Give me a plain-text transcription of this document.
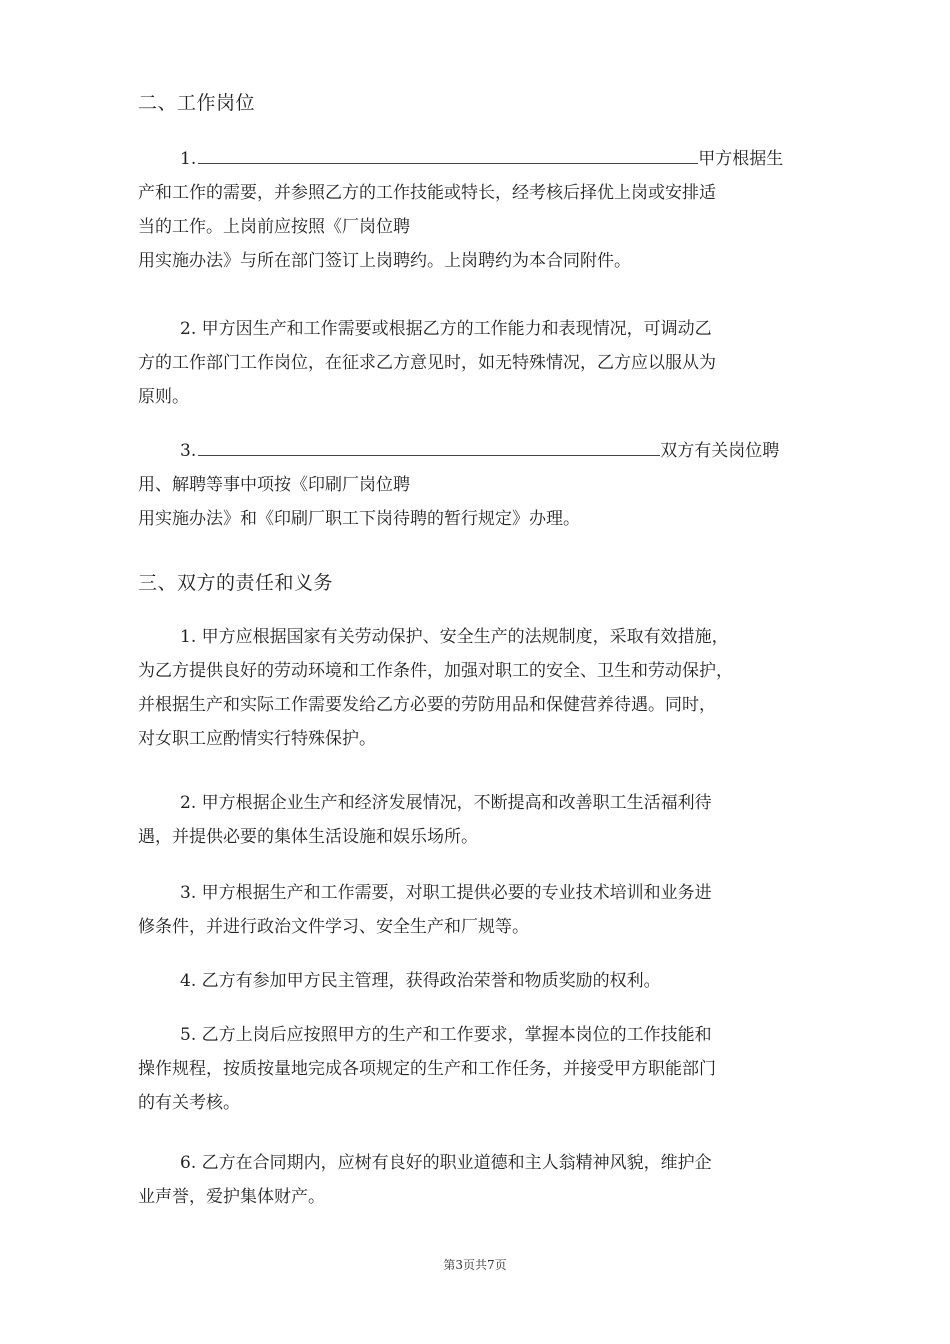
二、工作岗位
1.	甲方根据生
产和工作的需要，并参照乙方的工作技能或特长，经考核后择优上岗或安排适
当的工作。上岗前应按照《厂岗位聘
用实施办法》与所在部门签订上岗聘约。上岗聘约为本合同附件。
2. 甲方因生产和工作需要或根据乙方的工作能力和表现情况，可调动乙
方的工作部门工作岗位，在征求乙方意见时，如无特殊情况，乙方应以服从为
原则。
3.	双方有关岗位聘
用、解聘等事中项按《印刷厂岗位聘
用实施办法》和《印刷厂职工下岗待聘的暂行规定》办理。
三、双方的责任和义务
1. 甲方应根据国家有关劳动保护、安全生产的法规制度，采取有效措施，
为乙方提供良好的劳动环境和工作条件，加强对职工的安全、卫生和劳动保护，
并根据生产和实际工作需要发给乙方必要的劳防用品和保健营养待遇。同时，
对女职工应酌情实行特殊保护。
2. 甲方根据企业生产和经济发展情况，不断提高和改善职工生活福利待
遇，并提供必要的集体生活设施和娱乐场所。
3. 甲方根据生产和工作需要，对职工提供必要的专业技术培训和业务进
修条件，并进行政治文件学习、安全生产和厂规等。
4. 乙方有参加甲方民主管理，获得政治荣誉和物质奖励的权利。
5. 乙方上岗后应按照甲方的生产和工作要求，掌握本岗位的工作技能和
操作规程，按质按量地完成各项规定的生产和工作任务，并接受甲方职能部门
的有关考核。
6. 乙方在合同期内，应树有良好的职业道德和主人翁精神风貌，维护企
业声誉，爱护集体财产。
第3页共7页
